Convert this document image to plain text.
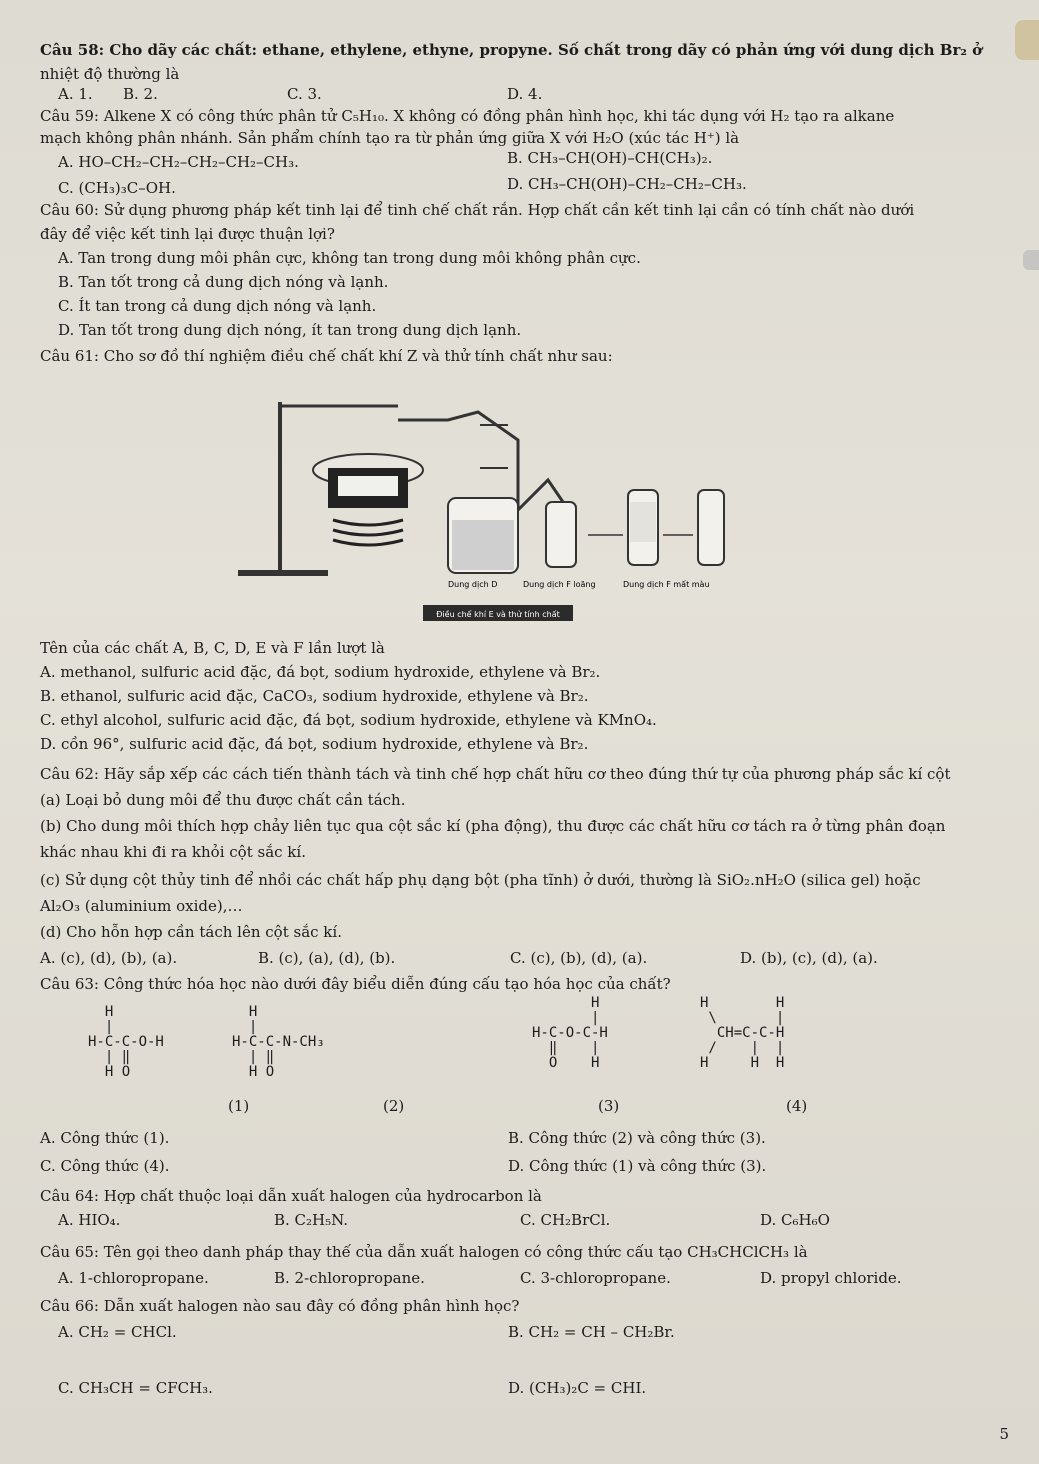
Câu 58: Cho dãy các chất: ethane, ethylene, ethyne, propyne. Số chất trong dãy có phản ứng với dung dịch Br₂ ở
nhiệt độ thường là
A. 1. B. 2.	C. 3.	D. 4.
Câu 59: Alkene X có công thức phân tử C₅H₁₀. X không có đồng phân hình học, khi tác dụng với H₂ tạo ra alkane
mạch không phân nhánh. Sản phẩm chính tạo ra từ phản ứng giữa X với H₂O (xúc tác H⁺) là
A. HO–CH₂–CH₂–CH₂–CH₂–CH₃.	B. CH₃–CH(OH)–CH(CH₃)₂.
C. (CH₃)₃C–OH.	D. CH₃–CH(OH)–CH₂–CH₂–CH₃.
Câu 60: Sử dụng phương pháp kết tinh lại để tinh chế chất rắn. Hợp chất cần kết tinh lại cần có tính chất nào dưới
đây để việc kết tinh lại được thuận lợi?
A. Tan trong dung môi phân cực, không tan trong dung môi không phân cực.
B. Tan tốt trong cả dung dịch nóng và lạnh.
C. Ít tan trong cả dung dịch nóng và lạnh.
D. Tan tốt trong dung dịch nóng, ít tan trong dung dịch lạnh.
Câu 61: Cho sơ đồ thí nghiệm điều chế chất khí Z và thử tính chất như sau:
Dung dịch D	Dung dịch F loãng	Dung dịch F mất màu
Điều chế khí E và thử tính chất
Tên của các chất A, B, C, D, E và F lần lượt là
A. methanol, sulfuric acid đặc, đá bọt, sodium hydroxide, ethylene và Br₂.
B. ethanol, sulfuric acid đặc, CaCO₃, sodium hydroxide, ethylene và Br₂.
C. ethyl alcohol, sulfuric acid đặc, đá bọt, sodium hydroxide, ethylene và KMnO₄.
D. cồn 96°, sulfuric acid đặc, đá bọt, sodium hydroxide, ethylene và Br₂.
Câu 62: Hãy sắp xếp các cách tiến thành tách và tinh chế hợp chất hữu cơ theo đúng thứ tự của phương pháp sắc kí cột
(a) Loại bỏ dung môi để thu được chất cần tách.
(b) Cho dung môi thích hợp chảy liên tục qua cột sắc kí (pha động), thu được các chất hữu cơ tách ra ở từng phân đoạn
khác nhau khi đi ra khỏi cột sắc kí.
(c) Sử dụng cột thủy tinh để nhồi các chất hấp phụ dạng bột (pha tĩnh) ở dưới, thường là SiO₂.nH₂O (silica gel) hoặc
Al₂O₃ (aluminium oxide),…
(d) Cho hỗn hợp cần tách lên cột sắc kí.
A. (c), (d), (b), (a).	B. (c), (a), (d), (b).	C. (c), (b), (d), (a).	D. (b), (c), (d), (a).
Câu 63: Công thức hóa học nào dưới đây biểu diễn đúng cấu tạo hóa học của chất?
H
|
H-C-C-O-H
| ‖
H O
H
|
H-C-C-N-CH₃
| ‖
H O
H
|
H-C-O-C-H
‖    |
O    H
H        H
\       |
CH=C-C-H
/    |  |
H     H  H
(1)	(2)	(3)	(4)
A. Công thức (1).	B. Công thức (2) và công thức (3).
C. Công thức (4).	D. Công thức (1) và công thức (3).
Câu 64: Hợp chất thuộc loại dẫn xuất halogen của hydrocarbon là
A. HIO₄.	B. C₂H₅N.	C. CH₂BrCl.	D. C₆H₆O
Câu 65: Tên gọi theo danh pháp thay thế của dẫn xuất halogen có công thức cấu tạo CH₃CHClCH₃ là
A. 1-chloropropane.	B. 2-chloropropane.	C. 3-chloropropane.	D. propyl chloride.
Câu 66: Dẫn xuất halogen nào sau đây có đồng phân hình học?
A. CH₂ = CHCl.	B. CH₂ = CH – CH₂Br.
C. CH₃CH = CFCH₃.	D. (CH₃)₂C = CHI.
5
